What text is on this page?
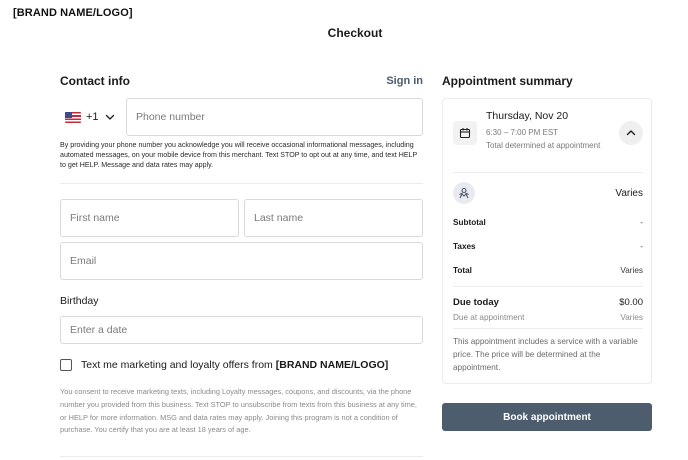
[BRAND NAME/LOGO]
Checkout
Contact info	Sign in
+1	Phone number

By providing your phone number you acknowledge you will receive occasional informational messages, including automated messages, on your mobile device from this merchant. Text STOP to opt out at any time, and text HELP to get HELP. Message and data rates may apply.

First name	Last name
Email
Birthday
Enter a date
Text me marketing and loyalty offers from [BRAND NAME/LOGO]

You consent to receive marketing texts, including Loyalty messages, coupons, and discounts, via the phone number you provided from this business. Text STOP to unsubscribe from texts from this business at any time, or HELP for more information. MSG and data rates may apply. Joining this program is not a condition of purchase. You certify that you are at least 18 years of age.

Appointment summary
Thursday, Nov 20
6:30 – 7:00 PM EST
Total determined at appointment
Varies
Subtotal	-
Taxes	-
Total	Varies
Due today	$0.00
Due at appointment	Varies

This appointment includes a service with a variable price. The price will be determined at the appointment.

Book appointment
